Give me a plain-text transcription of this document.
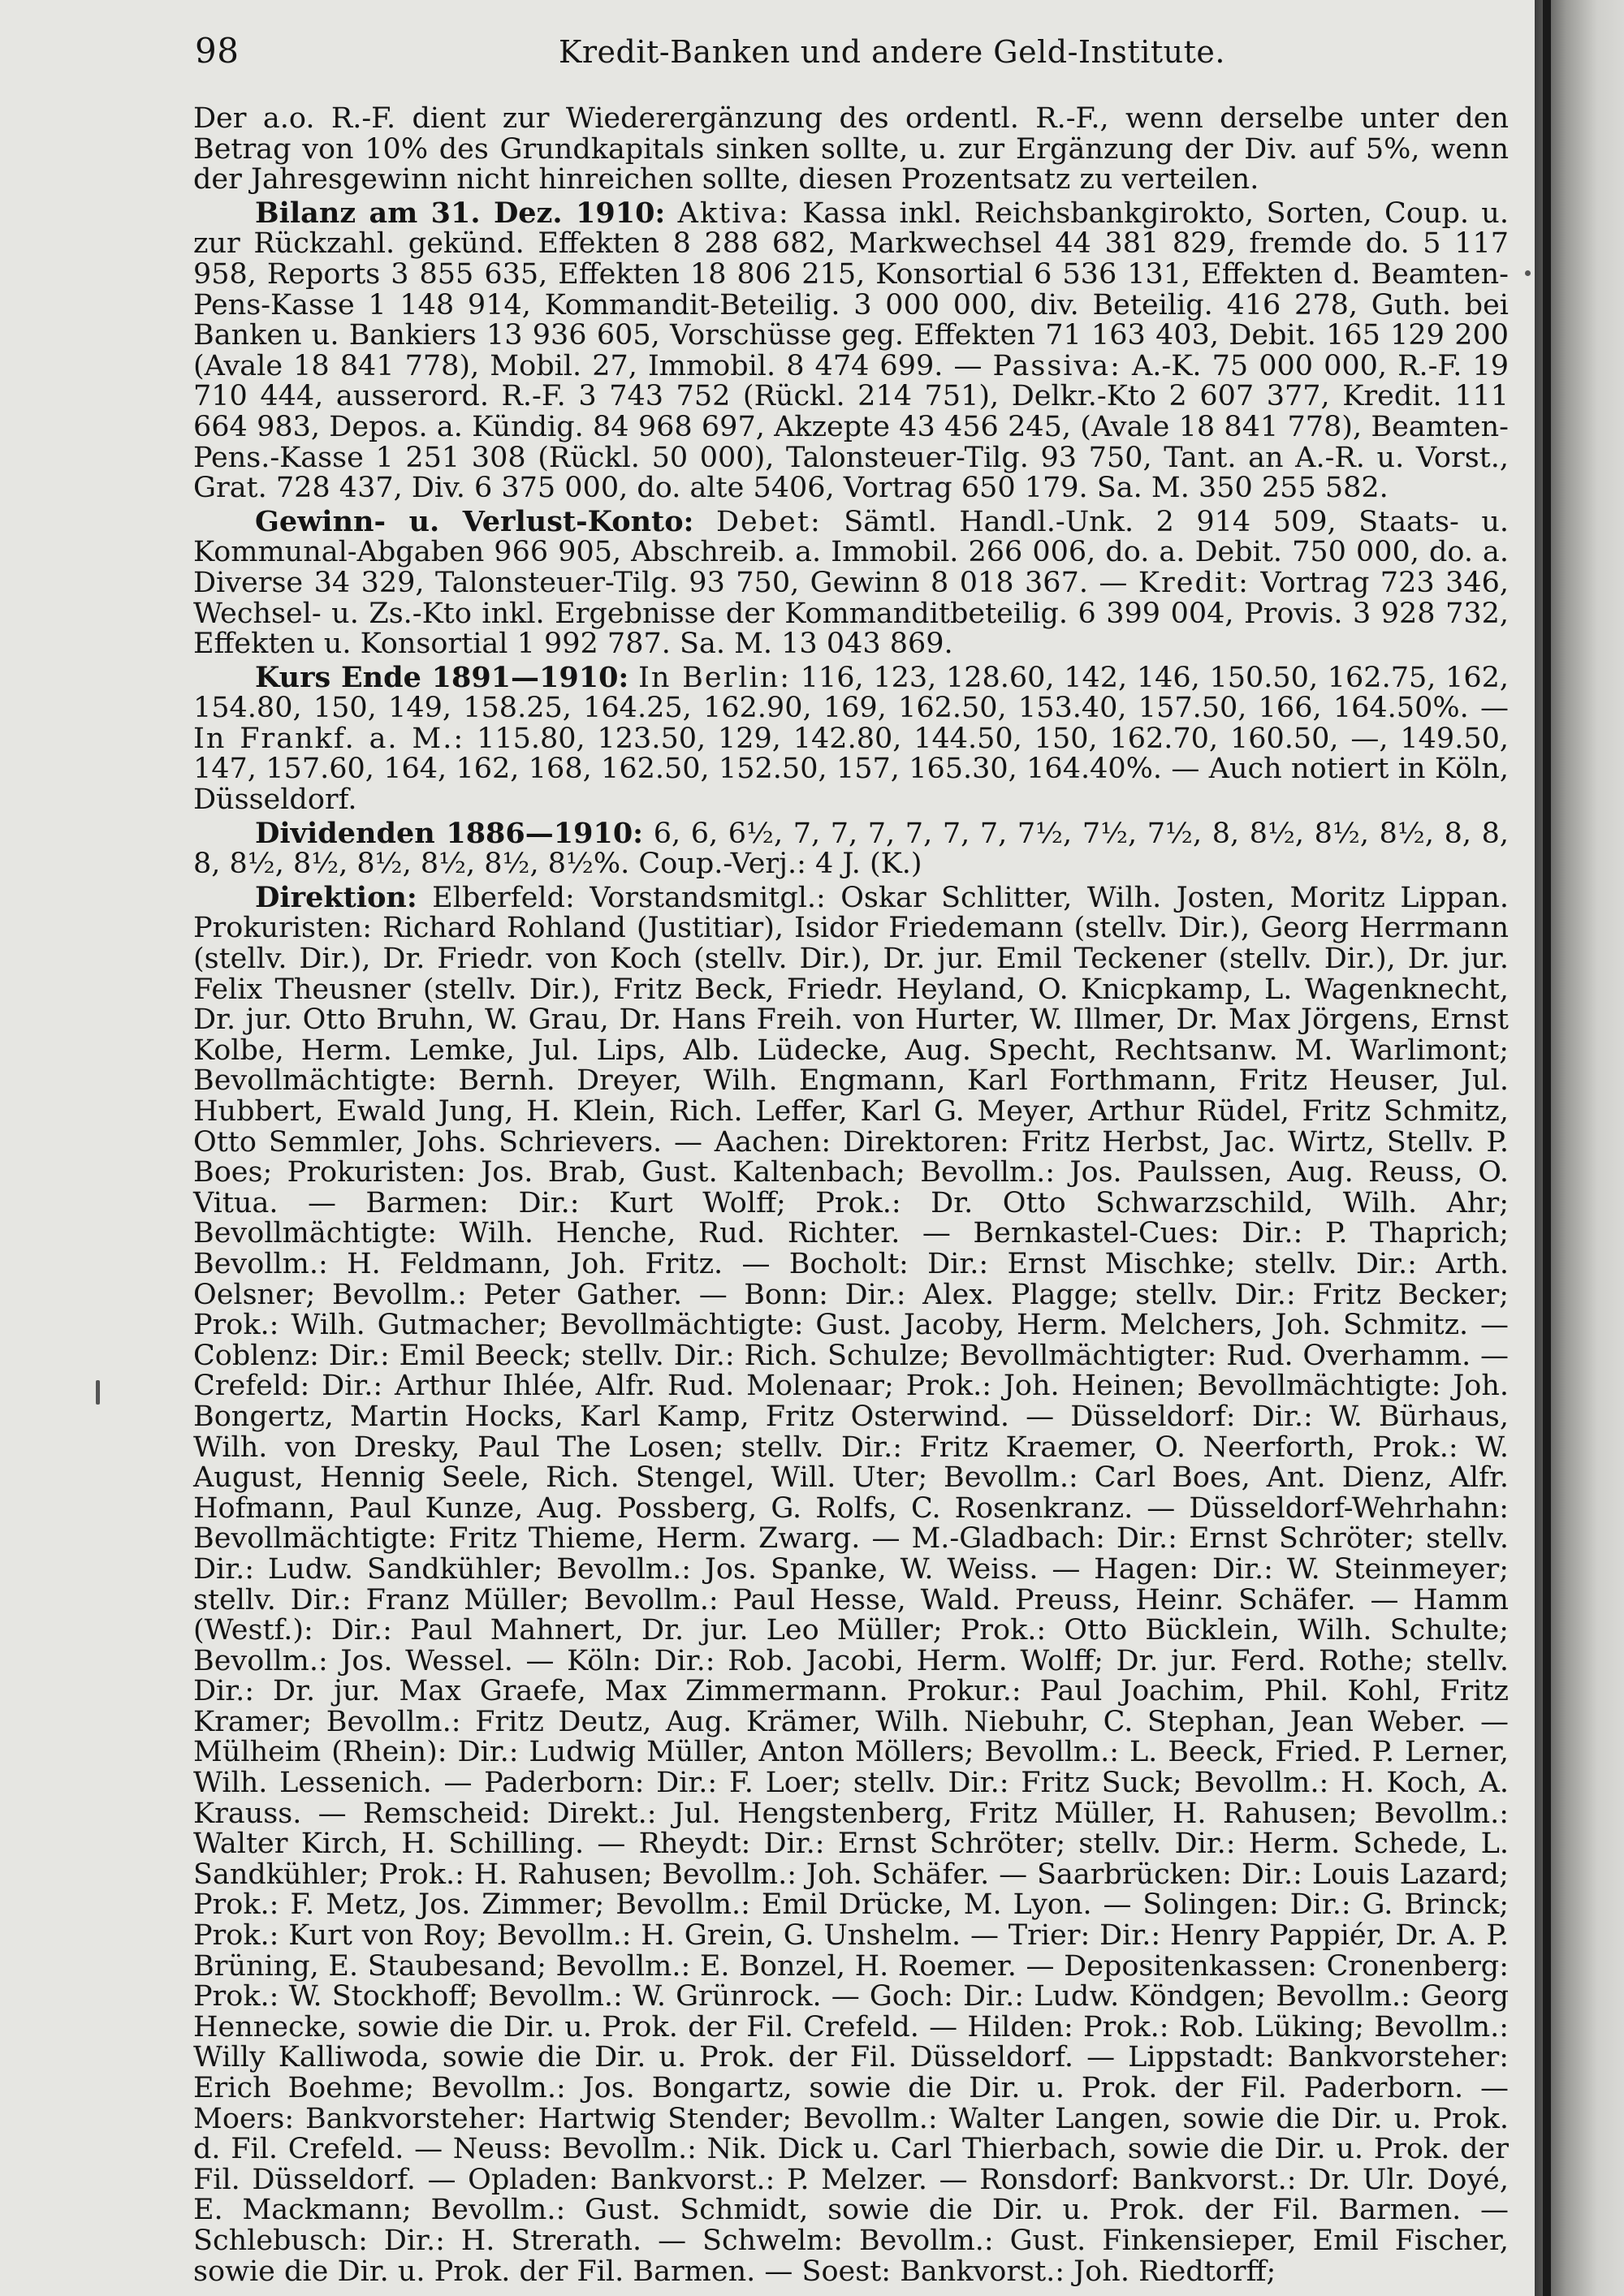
98	Kredit-Banken und andere Geld-Institute.

Der a.o. R.-F. dient zur Wiederergänzung des ordentl. R.-F., wenn derselbe unter den Betrag von 10% des Grundkapitals sinken sollte, u. zur Ergänzung der Div. auf 5%, wenn der Jahresgewinn nicht hinreichen sollte, diesen Prozentsatz zu verteilen.

Bilanz am 31. Dez. 1910: Aktiva: Kassa inkl. Reichsbankgirokto, Sorten, Coup. u. zur Rückzahl. gekünd. Effekten 8 288 682, Markwechsel 44 381 829, fremde do. 5 117 958, Reports 3 855 635, Effekten 18 806 215, Konsortial 6 536 131, Effekten d. Beamten-Pens-Kasse 1 148 914, Kommandit-Beteilig. 3 000 000, div. Beteilig. 416 278, Guth. bei Banken u. Bankiers 13 936 605, Vorschüsse geg. Effekten 71 163 403, Debit. 165 129 200 (Avale 18 841 778), Mobil. 27, Immobil. 8 474 699. — Passiva: A.-K. 75 000 000, R.-F. 19 710 444, ausserord. R.-F. 3 743 752 (Rückl. 214 751), Delkr.-Kto 2 607 377, Kredit. 111 664 983, Depos. a. Kündig. 84 968 697, Akzepte 43 456 245, (Avale 18 841 778), Beamten-Pens.-Kasse 1 251 308 (Rückl. 50 000), Talonsteuer-Tilg. 93 750, Tant. an A.-R. u. Vorst., Grat. 728 437, Div. 6 375 000, do. alte 5406, Vortrag 650 179. Sa. M. 350 255 582.

Gewinn- u. Verlust-Konto: Debet: Sämtl. Handl.-Unk. 2 914 509, Staats- u. Kommunal-Abgaben 966 905, Abschreib. a. Immobil. 266 006, do. a. Debit. 750 000, do. a. Diverse 34 329, Talonsteuer-Tilg. 93 750, Gewinn 8 018 367. — Kredit: Vortrag 723 346, Wechsel- u. Zs.-Kto inkl. Ergebnisse der Kommanditbeteilig. 6 399 004, Provis. 3 928 732, Effekten u. Konsortial 1 992 787. Sa. M. 13 043 869.

Kurs Ende 1891—1910: In Berlin: 116, 123, 128.60, 142, 146, 150.50, 162.75, 162, 154.80, 150, 149, 158.25, 164.25, 162.90, 169, 162.50, 153.40, 157.50, 166, 164.50%. — In Frankf. a. M.: 115.80, 123.50, 129, 142.80, 144.50, 150, 162.70, 160.50, —, 149.50, 147, 157.60, 164, 162, 168, 162.50, 152.50, 157, 165.30, 164.40%. — Auch notiert in Köln, Düsseldorf.

Dividenden 1886—1910: 6, 6, 6½, 7, 7, 7, 7, 7, 7, 7½, 7½, 7½, 8, 8½, 8½, 8½, 8, 8, 8, 8½, 8½, 8½, 8½, 8½, 8½%. Coup.-Verj.: 4 J. (K.)

Direktion: Elberfeld: Vorstandsmitgl.: Oskar Schlitter, Wilh. Josten, Moritz Lippan. Prokuristen: Richard Rohland (Justitiar), Isidor Friedemann (stellv. Dir.), Georg Herrmann (stellv. Dir.), Dr. Friedr. von Koch (stellv. Dir.), Dr. jur. Emil Teckener (stellv. Dir.), Dr. jur. Felix Theusner (stellv. Dir.), Fritz Beck, Friedr. Heyland, O. Knicpkamp, L. Wagenknecht, Dr. jur. Otto Bruhn, W. Grau, Dr. Hans Freih. von Hurter, W. Illmer, Dr. Max Jörgens, Ernst Kolbe, Herm. Lemke, Jul. Lips, Alb. Lüdecke, Aug. Specht, Rechtsanw. M. Warlimont; Bevollmächtigte: Bernh. Dreyer, Wilh. Engmann, Karl Forthmann, Fritz Heuser, Jul. Hubbert, Ewald Jung, H. Klein, Rich. Leffer, Karl G. Meyer, Arthur Rüdel, Fritz Schmitz, Otto Semmler, Johs. Schrievers. — Aachen: Direktoren: Fritz Herbst, Jac. Wirtz, Stellv. P. Boes; Prokuristen: Jos. Brab, Gust. Kaltenbach; Bevollm.: Jos. Paulssen, Aug. Reuss, O. Vitua. — Barmen: Dir.: Kurt Wolff; Prok.: Dr. Otto Schwarzschild, Wilh. Ahr; Bevollmächtigte: Wilh. Henche, Rud. Richter. — Bernkastel-Cues: Dir.: P. Thaprich; Bevollm.: H. Feldmann, Joh. Fritz. — Bocholt: Dir.: Ernst Mischke; stellv. Dir.: Arth. Oelsner; Bevollm.: Peter Gather. — Bonn: Dir.: Alex. Plagge; stellv. Dir.: Fritz Becker; Prok.: Wilh. Gutmacher; Bevollmächtigte: Gust. Jacoby, Herm. Melchers, Joh. Schmitz. — Coblenz: Dir.: Emil Beeck; stellv. Dir.: Rich. Schulze; Bevollmächtigter: Rud. Overhamm. — Crefeld: Dir.: Arthur Ihlée, Alfr. Rud. Molenaar; Prok.: Joh. Heinen; Bevollmächtigte: Joh. Bongertz, Martin Hocks, Karl Kamp, Fritz Osterwind. — Düsseldorf: Dir.: W. Bürhaus, Wilh. von Dresky, Paul The Losen; stellv. Dir.: Fritz Kraemer, O. Neerforth, Prok.: W. August, Hennig Seele, Rich. Stengel, Will. Uter; Bevollm.: Carl Boes, Ant. Dienz, Alfr. Hofmann, Paul Kunze, Aug. Possberg, G. Rolfs, C. Rosenkranz. — Düsseldorf-Wehrhahn: Bevollmächtigte: Fritz Thieme, Herm. Zwarg. — M.-Gladbach: Dir.: Ernst Schröter; stellv. Dir.: Ludw. Sandkühler; Bevollm.: Jos. Spanke, W. Weiss. — Hagen: Dir.: W. Steinmeyer; stellv. Dir.: Franz Müller; Bevollm.: Paul Hesse, Wald. Preuss, Heinr. Schäfer. — Hamm (Westf.): Dir.: Paul Mahnert, Dr. jur. Leo Müller; Prok.: Otto Bücklein, Wilh. Schulte; Bevollm.: Jos. Wessel. — Köln: Dir.: Rob. Jacobi, Herm. Wolff; Dr. jur. Ferd. Rothe; stellv. Dir.: Dr. jur. Max Graefe, Max Zimmermann. Prokur.: Paul Joachim, Phil. Kohl, Fritz Kramer; Bevollm.: Fritz Deutz, Aug. Krämer, Wilh. Niebuhr, C. Stephan, Jean Weber. — Mülheim (Rhein): Dir.: Ludwig Müller, Anton Möllers; Bevollm.: L. Beeck, Fried. P. Lerner, Wilh. Lessenich. — Paderborn: Dir.: F. Loer; stellv. Dir.: Fritz Suck; Bevollm.: H. Koch, A. Krauss. — Remscheid: Direkt.: Jul. Hengstenberg, Fritz Müller, H. Rahusen; Bevollm.: Walter Kirch, H. Schilling. — Rheydt: Dir.: Ernst Schröter; stellv. Dir.: Herm. Schede, L. Sandkühler; Prok.: H. Rahusen; Bevollm.: Joh. Schäfer. — Saarbrücken: Dir.: Louis Lazard; Prok.: F. Metz, Jos. Zimmer; Bevollm.: Emil Drücke, M. Lyon. — Solingen: Dir.: G. Brinck; Prok.: Kurt von Roy; Bevollm.: H. Grein, G. Unshelm. — Trier: Dir.: Henry Pappiér, Dr. A. P. Brüning, E. Staubesand; Bevollm.: E. Bonzel, H. Roemer. — Depositenkassen: Cronenberg: Prok.: W. Stockhoff; Bevollm.: W. Grünrock. — Goch: Dir.: Ludw. Köndgen; Bevollm.: Georg Hennecke, sowie die Dir. u. Prok. der Fil. Crefeld. — Hilden: Prok.: Rob. Lüking; Bevollm.: Willy Kalliwoda, sowie die Dir. u. Prok. der Fil. Düsseldorf. — Lippstadt: Bankvorsteher: Erich Boehme; Bevollm.: Jos. Bongartz, sowie die Dir. u. Prok. der Fil. Paderborn. — Moers: Bankvorsteher: Hartwig Stender; Bevollm.: Walter Langen, sowie die Dir. u. Prok. d. Fil. Crefeld. — Neuss: Bevollm.: Nik. Dick u. Carl Thierbach, sowie die Dir. u. Prok. der Fil. Düsseldorf. — Opladen: Bankvorst.: P. Melzer. — Ronsdorf: Bankvorst.: Dr. Ulr. Doyé, E. Mackmann; Bevollm.: Gust. Schmidt, sowie die Dir. u. Prok. der Fil. Barmen. — Schlebusch: Dir.: H. Strerath. — Schwelm: Bevollm.: Gust. Finkensieper, Emil Fischer, sowie die Dir. u. Prok. der Fil. Barmen. — Soest: Bankvorst.: Joh. Riedtorff;
